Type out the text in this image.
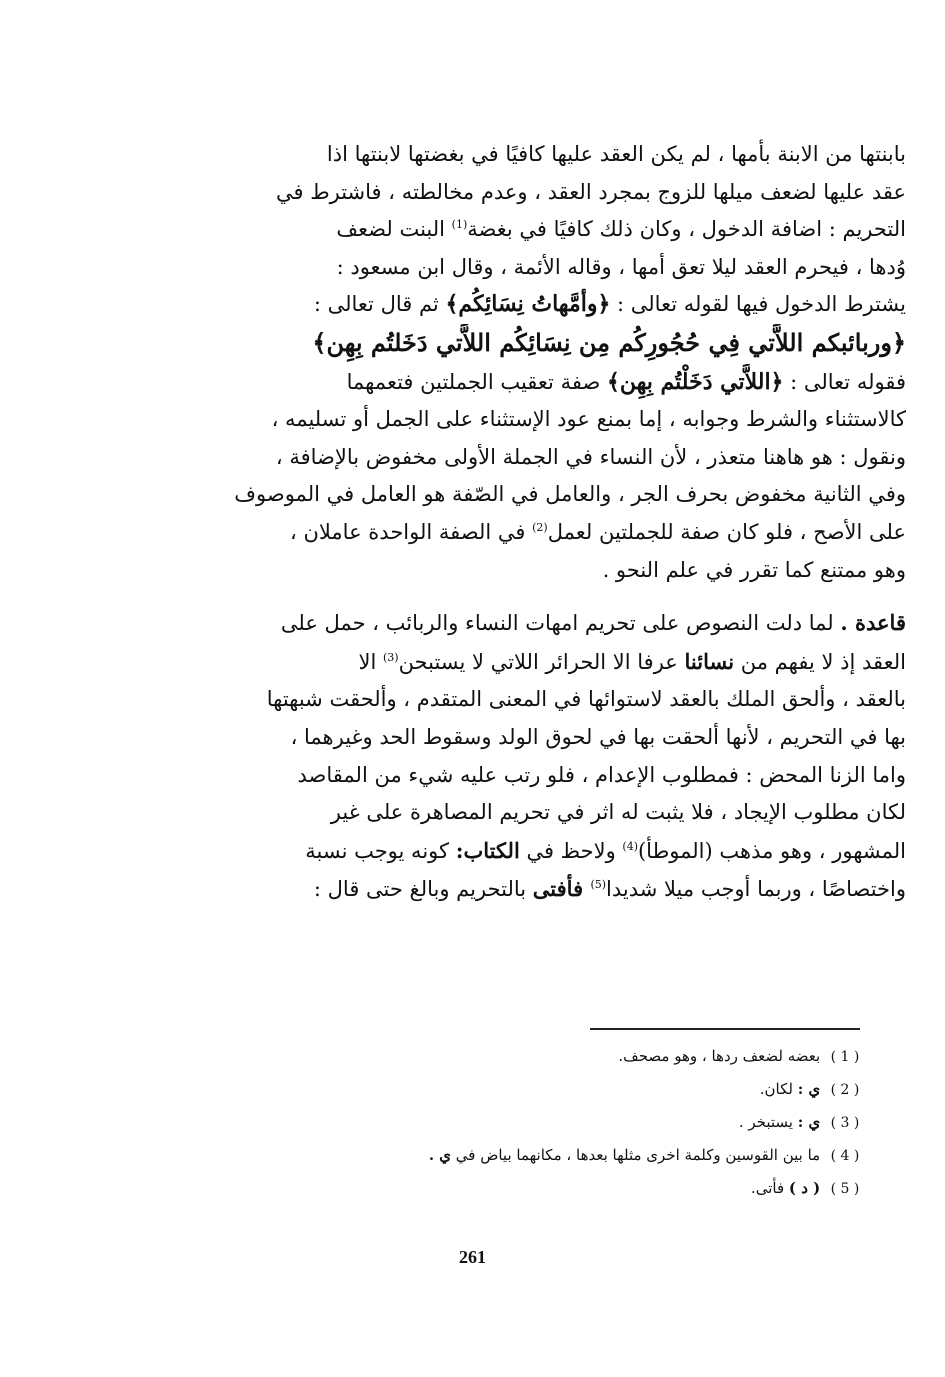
بابنتها من الابنة بأمها ، لم يكن العقد عليها كافيًا في بغضتها لابنتها اذا
عقد عليها لضعف ميلها للزوج بمجرد العقد ، وعدم مخالطته ، فاشترط في
التحريم : اضافة الدخول ، وكان ذلك كافيًا في بغضة$^{(1)}$ البنت لضعف
وُدها ، فيحرم العقد ليلا تعق أمها ، وقاله الأئمة ، وقال ابن مسعود :
يشترط الدخول فيها لقوله تعالى : ﴿وأمَّهاتُ نِسَائِكُم﴾ ثم قال تعالى :
﴿وربائبكم اللاَّتي فِي حُجُورِكُم مِن نِسَائِكُم اللاَّتي دَخَلتُم بِهِن﴾
فقوله تعالى : ﴿اللاَّتي دَخَلْتُم بِهِن﴾ صفة تعقيب الجملتين فتعمهما
كالاستثناء والشرط وجوابه ، إما بمنع عود الإستثناء على الجمل أو تسليمه ،
ونقول : هو هاهنا متعذر ، لأن النساء في الجملة الأولى مخفوض بالإضافة ،
وفي الثانية مخفوض بحرف الجر ، والعامل في الصّفة هو العامل في الموصوف
على الأصح ، فلو كان صفة للجملتين لعمل$^{(2)}$ في الصفة الواحدة عاملان ،
وهو ممتنع كما تقرر في علم النحو .

قاعدة . لما دلت النصوص على تحريم امهات النساء والربائب ، حمل على
العقد إذ لا يفهم من نسائنا عرفا الا الحرائر اللاتي لا يستبحن$^{(3)}$ الا
بالعقد ، وألحق الملك بالعقد لاستوائها في المعنى المتقدم ، وألحقت شبهتها
بها في التحريم ، لأنها ألحقت بها في لحوق الولد وسقوط الحد وغيرهما ،
واما الزنا المحض : فمطلوب الإعدام ، فلو رتب عليه شيء من المقاصد
لكان مطلوب الإيجاد ، فلا يثبت له اثر في تحريم المصاهرة على غير
المشهور ، وهو مذهب (الموطأ)$^{(4)}$ ولاحظ في الكتاب: كونه يوجب نسبة
واختصاصًا ، وربما أوجب ميلا شديدا$^{(5)}$ فأفتى بالتحريم وبالغ حتى قال :

( 1 ) بعضه لضعف ردها ، وهو مصحف.
( 2 ) ي : لكان.
( 3 ) ي : يستبخر .
( 4 ) ما بين القوسين وكلمة اخرى مثلها بعدها ، مكانهما بياض في ي .
( 5 ) ( د ) فأتى.
261
